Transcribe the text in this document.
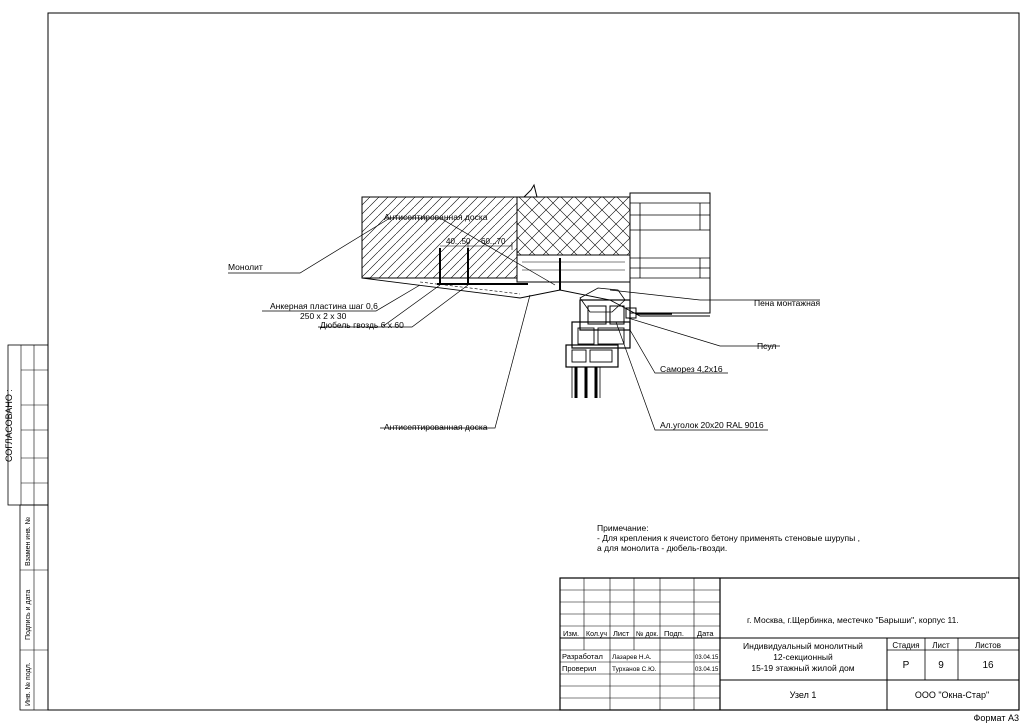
СОГЛАСОВАНО :
Взамен инв. №
Подпись и дата
Инв. № подл.
40...50 60...70
Монолит
Антисептированная доска
Анкерная пластина шаг 0,6
250 х 2 х 30
Дюбель гвоздь 6 х 60
Антисептированная доска
Пена монтажная
Псул
Саморез 4,2х16
Ал.уголок 20х20 RAL 9016
Примечание:
- Для крепления к ячеистого бетону применять стеновые шурупы ,
а для монолита - дюбель-гвозди.
Изм. Кол.уч Лист № док. Подп. Дата
Разработал Лазарев Н.А.	03.04.15
Проверил Турханов С.Ю.	03.04.15
г. Москва, г.Щербинка, местечко "Барыши", корпус 11.
Индивидуальный монолитный
12-секционный
15-19 этажный жилой дом
Стадия Лист	Листов
Р	9	16
Узел 1	ООО "Окна-Стар"
Формат А3
